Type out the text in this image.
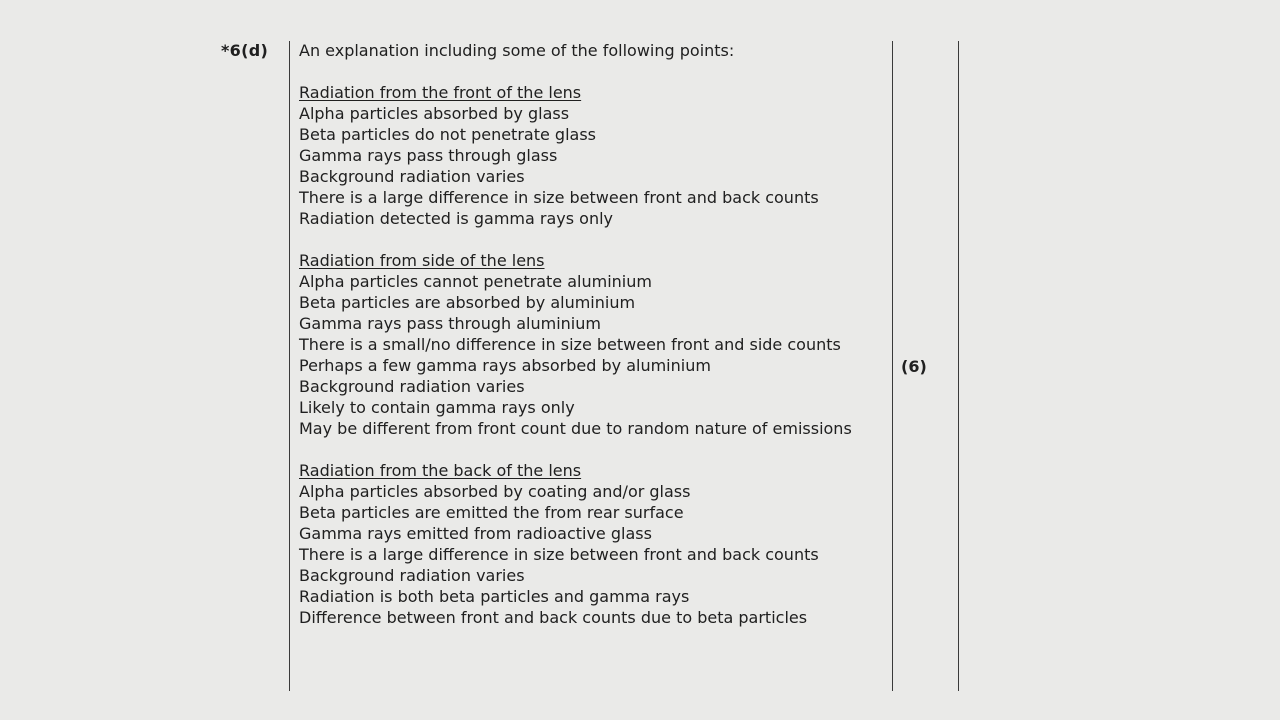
*6(d) An explanation including some of the following points:
Radiation from the front of the lens
Alpha particles absorbed by glass
Beta particles do not penetrate glass
Gamma rays pass through glass
Background radiation varies
There is a large difference in size between front and back counts
Radiation detected is gamma rays only
Radiation from side of the lens
Alpha particles cannot penetrate aluminium
Beta particles are absorbed by aluminium
Gamma rays pass through aluminium
There is a small/no difference in size between front and side counts
Perhaps a few gamma rays absorbed by aluminium
Background radiation varies
Likely to contain gamma rays only
May be different from front count due to random nature of emissions
Radiation from the back of the lens
Alpha particles absorbed by coating and/or glass
Beta particles are emitted the from rear surface
Gamma rays emitted from radioactive glass
There is a large difference in size between front and back counts
Background radiation varies
Radiation is both beta particles and gamma rays
Difference between front and back counts due to beta particles
(6)
